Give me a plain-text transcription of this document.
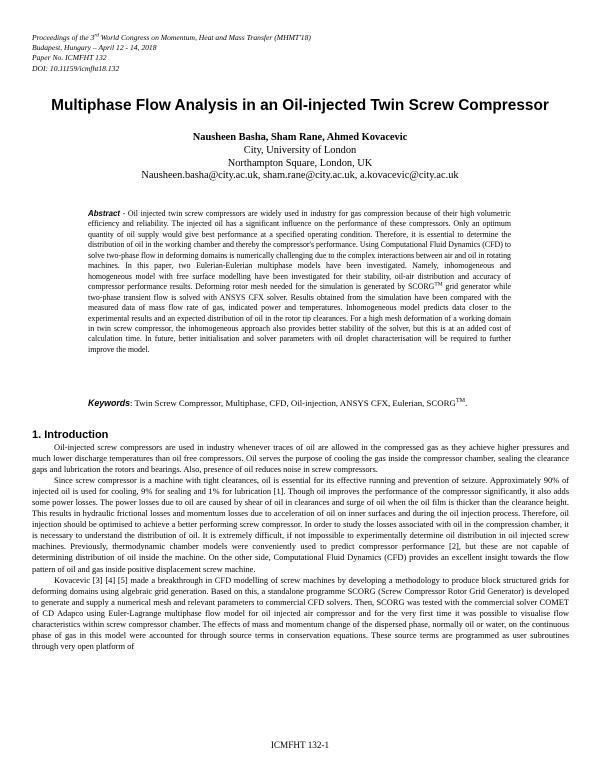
Proceedings of the 3rd World Congress on Momentum, Heat and Mass Transfer (MHMT'18)
Budapest, Hungary – April 12 - 14, 2018
Paper No. ICMFHT 132
DOI: 10.11159/icmfht18.132
Multiphase Flow Analysis in an Oil-injected Twin Screw Compressor
Nausheen Basha, Sham Rane, Ahmed Kovacevic
City, University of London
Northampton Square, London, UK
Nausheen.basha@city.ac.uk, sham.rane@city.ac.uk, a.kovacevic@city.ac.uk
Abstract - Oil injected twin screw compressors are widely used in industry for gas compression because of their high volumetric efficiency and reliability. The injected oil has a significant influence on the performance of these compressors. Only an optimum quantity of oil supply would give best performance at a specified operating condition. Therefore, it is essential to determine the distribution of oil in the working chamber and thereby the compressor's performance. Using Computational Fluid Dynamics (CFD) to solve two-phase flow in deforming domains is numerically challenging due to the complex interactions between air and oil in rotating machines. In this paper, two Eulerian-Eulerian multiphase models have been investigated. Namely, inhomogeneous and homogeneous model with free surface modelling have been investigated for their stability, oil-air distribution and accuracy of compressor performance results. Deforming rotor mesh needed for the simulation is generated by SCORG™ grid generator while two-phase transient flow is solved with ANSYS CFX solver. Results obtained from the simulation have been compared with the measured data of mass flow rate of gas, indicated power and temperatures. Inhomogeneous model predicts data closer to the experimental results and an expected distribution of oil in the rotor tip clearances. For a high mesh deformation of a working domain in twin screw compressor, the inhomogeneous approach also provides better stability of the solver, but this is at an added cost of calculation time. In future, better initialisation and solver parameters with oil droplet characterisation will be required to further improve the model.
Keywords: Twin Screw Compressor, Multiphase, CFD, Oil-injection, ANSYS CFX, Eulerian, SCORG™.
1. Introduction

Oil-injected screw compressors are used in industry whenever traces of oil are allowed in the compressed gas as they achieve higher pressures and much lower discharge temperatures than oil free compressors. Oil serves the purpose of cooling the gas inside the compressor chamber, sealing the clearance gaps and lubrication the rotors and bearings. Also, presence of oil reduces noise in screw compressors.

Since screw compressor is a machine with tight clearances, oil is essential for its effective running and prevention of seizure. Approximately 90% of injected oil is used for cooling, 9% for sealing and 1% for lubrication [1]. Though oil improves the performance of the compressor significantly, it also adds some power losses. The power losses due to oil are caused by shear of oil in clearances and surge of oil when the oil film is thicker than the clearance height. This results in hydraulic frictional losses and momentum losses due to acceleration of oil on inner surfaces and during the oil injection process. Therefore, oil injection should be optimised to achieve a better performing screw compressor. In order to study the losses associated with oil in the compression chamber, it is necessary to understand the distribution of oil. It is extremely difficult, if not impossible to experimentally determine oil distribution in oil injected screw machines. Previously, thermodynamic chamber models were conveniently used to predict compressor performance [2], but these are not capable of determining distribution of oil inside the machine. On the other side, Computational Fluid Dynamics (CFD) provides an excellent insight towards the flow pattern of oil and gas inside positive displacement screw machine.

Kovacevic [3] [4] [5] made a breakthrough in CFD modelling of screw machines by developing a methodology to produce block structured grids for deforming domains using algebraic grid generation. Based on this, a standalone programme SCORG (Screw Compressor Rotor Grid Generator) is developed to generate and supply a numerical mesh and relevant parameters to commercial CFD solvers. Then, SCORG was tested with the commercial solver COMET of CD Adapco using Euler-Lagrange multiphase flow model for oil injected air compressor and for the very first time it was possible to visualise flow characteristics within screw compressor chamber. The effects of mass and momentum change of the dispersed phase, normally oil or water, on the continuous phase of gas in this model were accounted for through source terms in conservation equations. These source terms are programmed as user subroutines through very open platform of

ICMFHT 132-1
